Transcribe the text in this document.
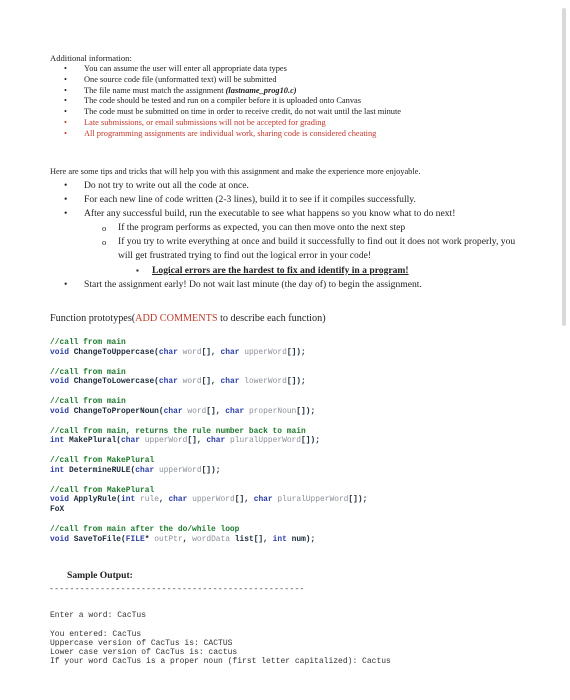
Additional information:
• You can assume the user will enter all appropriate data types
• One source code file (unformatted text) will be submitted
• The file name must match the assignment (lastname_prog10.c)
• The code should be tested and run on a compiler before it is uploaded onto Canvas
• The code must be submitted on time in order to receive credit, do not wait until the last minute
• Late submissions, or email submissions will not be accepted for grading
• All programming assignments are individual work, sharing code is considered cheating
Here are some tips and tricks that will help you with this assignment and make the experience more enjoyable.
• Do not try to write out all the code at once.
• For each new line of code written (2-3 lines), build it to see if it compiles successfully.
• After any successful build, run the executable to see what happens so you know what to do next!
o If the program performs as expected, you can then move onto the next step
o If you try to write everything at once and build it successfully to find out it does not work properly, you will get frustrated trying to find out the logical error in your code!
▪ Logical errors are the hardest to fix and identify in a program!
• Start the assignment early! Do not wait last minute (the day of) to begin the assignment.
Function prototypes(ADD COMMENTS to describe each function)
//call from main
void ChangeToUppercase(char word[], char upperWord[]);
//call from main
void ChangeToLowercase(char word[], char lowerWord[]);
//call from main
void ChangeToProperNoun(char word[], char properNoun[]);
//call from main, returns the rule number back to main
int MakePlural(char upperWord[], char pluralUpperWord[]);
//call from MakePlural
int DetermineRULE(char upperWord[]);
//call from MakePlural
void ApplyRule(int rule, char upperWord[], char pluralUpperWord[]);
FoX
//call from main after the do/while loop
void SaveToFile(FILE* outPtr, wordData list[], int num);
Sample Output:
--------------------------------------------------
Enter a word: CacTus

You entered: CacTus
Uppercase version of CacTus is: CACTUS
Lower case version of CacTus is: cactus
If your word CacTus is a proper noun (first letter capitalized): Cactus
